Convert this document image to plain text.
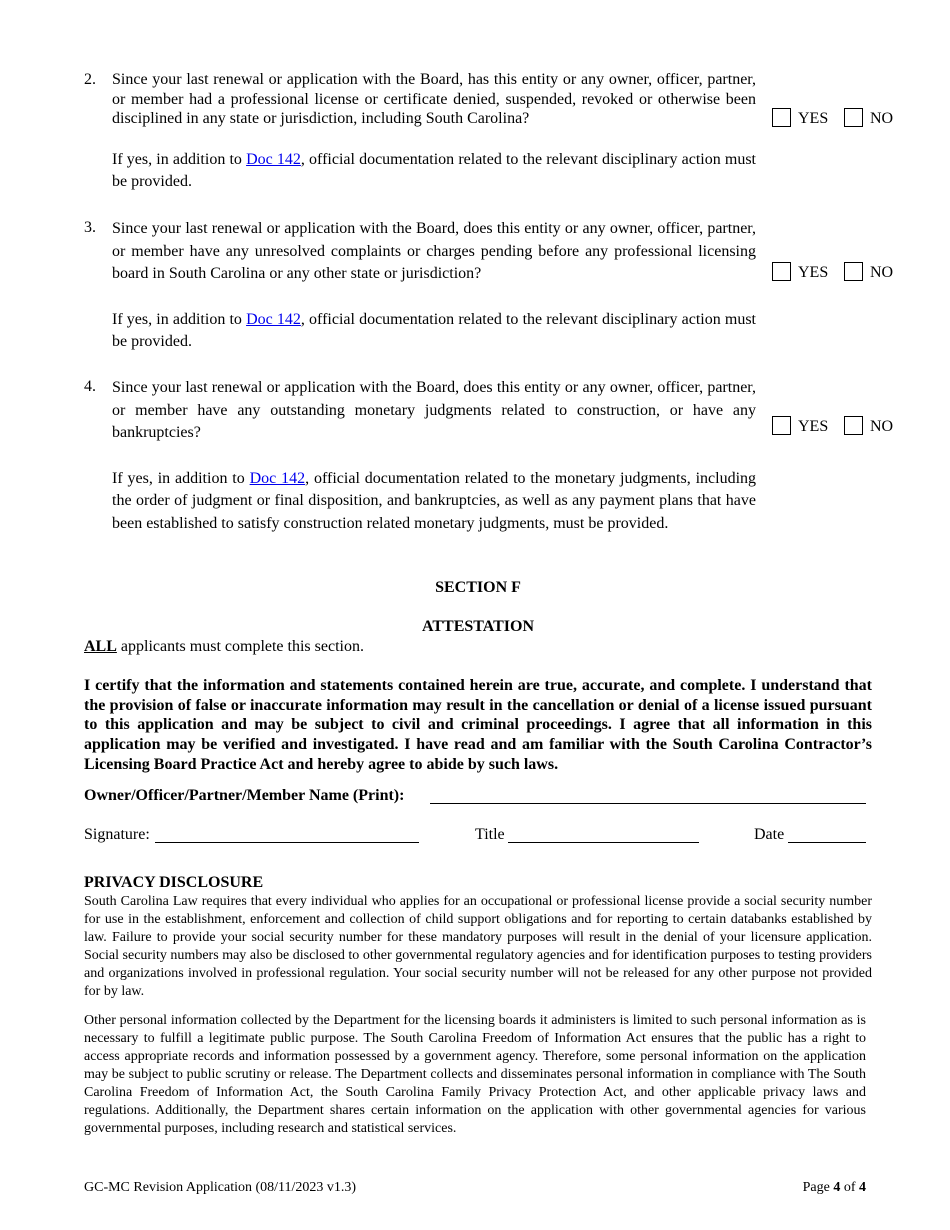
2. Since your last renewal or application with the Board, has this entity or any owner, officer, partner, or member had a professional license or certificate denied, suspended, revoked or otherwise been disciplined in any state or jurisdiction, including South Carolina?
If yes, in addition to Doc 142, official documentation related to the relevant disciplinary action must be provided.
YES	NO
3. Since your last renewal or application with the Board, does this entity or any owner, officer, partner, or member have any unresolved complaints or charges pending before any professional licensing board in South Carolina or any other state or jurisdiction?
If yes, in addition to Doc 142, official documentation related to the relevant disciplinary action must be provided.
YES	NO
4. Since your last renewal or application with the Board, does this entity or any owner, officer, partner, or member have any outstanding monetary judgments related to construction, or have any bankruptcies?
If yes, in addition to Doc 142, official documentation related to the monetary judgments, including the order of judgment or final disposition, and bankruptcies, as well as any payment plans that have been established to satisfy construction related monetary judgments, must be provided.
YES	NO
SECTION F
ATTESTATION
ALL applicants must complete this section.
I certify that the information and statements contained herein are true, accurate, and complete. I understand that the provision of false or inaccurate information may result in the cancellation or denial of a license issued pursuant to this application and may be subject to civil and criminal proceedings. I agree that all information in this application may be verified and investigated. I have read and am familiar with the South Carolina Contractor’s Licensing Board Practice Act and hereby agree to abide by such laws.
Owner/Officer/Partner/Member Name (Print):
Signature:	Title	Date
PRIVACY DISCLOSURE
South Carolina Law requires that every individual who applies for an occupational or professional license provide a social security number for use in the establishment, enforcement and collection of child support obligations and for reporting to certain databanks established by law. Failure to provide your social security number for these mandatory purposes will result in the denial of your licensure application. Social security numbers may also be disclosed to other governmental regulatory agencies and for identification purposes to testing providers and organizations involved in professional regulation. Your social security number will not be released for any other purpose not provided for by law.
Other personal information collected by the Department for the licensing boards it administers is limited to such personal information as is necessary to fulfill a legitimate public purpose. The South Carolina Freedom of Information Act ensures that the public has a right to access appropriate records and information possessed by a government agency. Therefore, some personal information on the application may be subject to public scrutiny or release. The Department collects and disseminates personal information in compliance with The South Carolina Freedom of Information Act, the South Carolina Family Privacy Protection Act, and other applicable privacy laws and regulations. Additionally, the Department shares certain information on the application with other governmental agencies for various governmental purposes, including research and statistical services.
GC-MC Revision Application (08/11/2023 v1.3)	Page 4 of 4
